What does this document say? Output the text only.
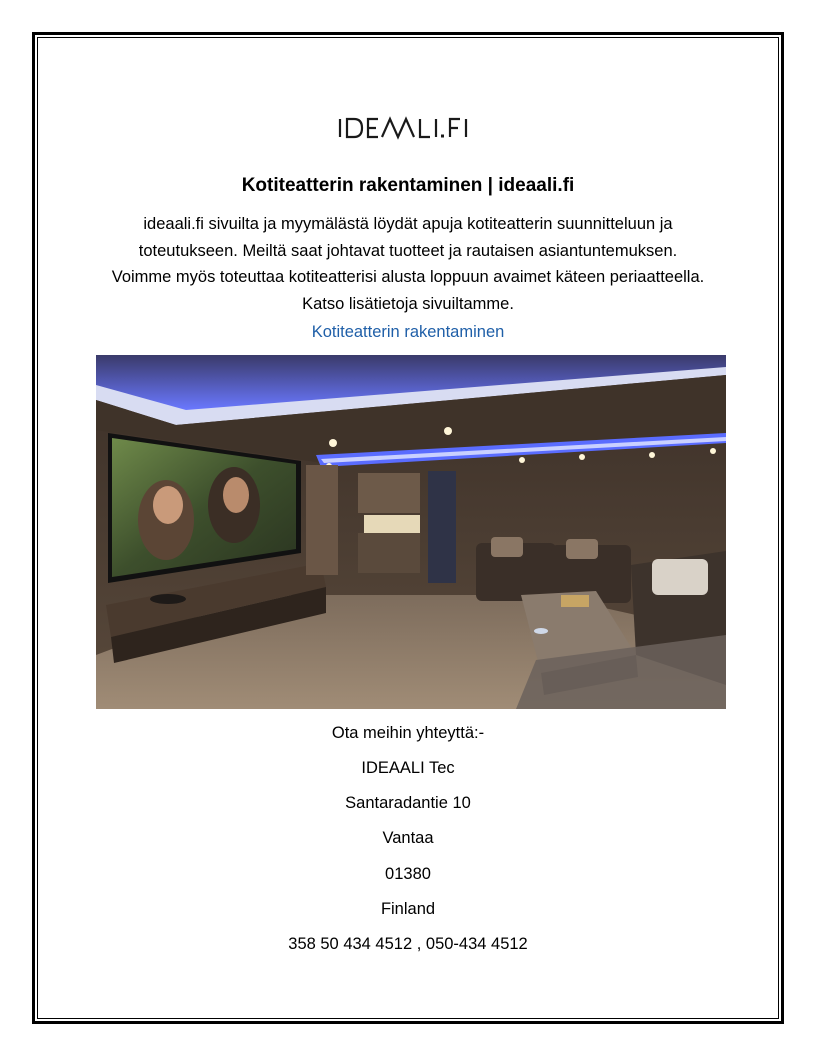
Kotiteatterin rakentaminen | ideaali.fi
ideaali.fi sivuilta ja myymälästä löydät apuja kotiteatterin suunnitteluun ja
toteutukseen. Meiltä saat johtavat tuotteet ja rautaisen asiantuntemuksen.
Voimme myös toteuttaa kotiteatterisi alusta loppuun avaimet käteen periaatteella.
Katso lisätietoja sivuiltamme.
Kotiteatterin rakentaminen
Ota meihin yhteyttä:-
IDEAALI Tec
Santaradantie 10
Vantaa
01380
Finland
358 50 434 4512 , 050-434 4512
